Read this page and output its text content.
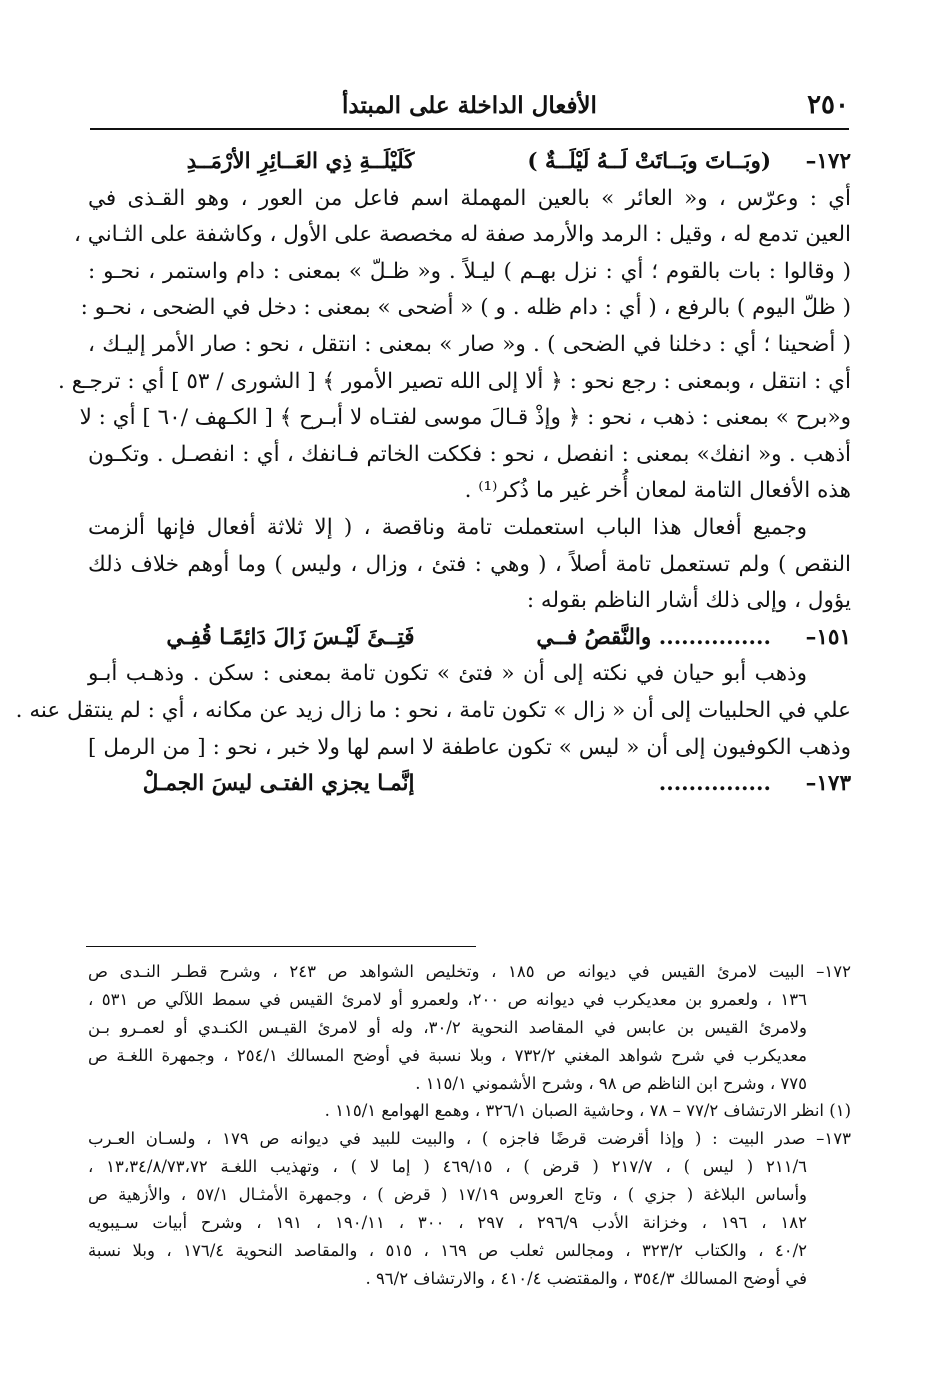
٢٥٠
الأفعال الداخلة على المبتدأ
١٧٢–
(وبَــاتَ وبَــاتَتْ لَــهُ لَيْلَــةٌ )
كَلَيْلَــةِ ذِي العَــائِرِ الأرْمَــدِ
أي : وعرّس ، و« العائر » بالعين المهملة اسم فاعل من العور ، وهو القـذى في
العين تدمع له ، وقيل : الرمد والأرمد صفة له مخصصة على الأول ، وكاشفة على الثـاني ،
( وقالوا : بات بالقوم ؛ أي : نزل بهـم ) ليـلاً . و« ظـلّ » بمعنى : دام واستمر ، نحـو :
( ظلّ اليوم ) بالرفع ، ( أي : دام ظله . و ) « أضحى » بمعنى : دخل في الضحى ، نحـو :
( أضحينا ؛ أي : دخلنا في الضحى ) . و« صار » بمعنى : انتقل ، نحو : صار الأمر إليـك ،
أي : انتقل ، وبمعنى : رجع نحو : ﴿ ألا إلى الله تصير الأمور ﴾ [ الشورى / ٥٣ ] أي : ترجـع .
و«برح » بمعنى : ذهب ، نحو : ﴿ وإذْ قـالَ موسى لفتـاه لا أبـرح ﴾ [ الكـهف /٦٠ ] أي : لا
أذهب . و« انفك» بمعنى : انفصل ، نحو : فككت الخاتم فـانفك ، أي : انفصـل . وتكـون
هذه الأفعال التامة لمعان أُخر غير ما ذُكر⁽¹⁾ .
وجميع أفعال هذا الباب استعملت تامة وناقصة ، ( إلا ثلاثة أفعال فإنها ألزمت
النقص ) ولم تستعمل تامة أصلاً ، ( وهي : فتئ ، وزال ، وليس ) وما أوهم خلاف ذلك
يؤول ، وإلى ذلك أشار الناظم بقوله :
١٥١–
............... والنَّقصُ فــي
فَتِــئَ لَيْـسَ زَالَ دَائِمًـا قُفِـي
وذهب أبو حيان في نكته إلى أن « فتئ » تكون تامة بمعنى : سكن . وذهـب أبـو
علي في الحلبيات إلى أن « زال » تكون تامة ، نحو : ما زال زيد عن مكانه ، أي : لم ينتقل عنه .
وذهب الكوفيون إلى أن « ليس » تكون عاطفة لا اسم لها ولا خبر ، نحو : [ من الرمل ]
١٧٣–
...............
إنَّمـا يجزي الفتـى ليسَ الجمـلْ
١٧٢– البيت لامرئ القيس في ديوانه ص ١٨٥ ، وتخليص الشواهد ص ٢٤٣ ، وشرح قطـر النـدى ص
١٣٦ ، ولعمرو بن معديكرب في ديوانه ص ٢٠٠، ولعمرو أو لامرئ القيس في سمط اللآلي ص ٥٣١ ،
ولامرئ القيس بن عابس في المقاصد النحوية ٣٠/٢، وله أو لامرئ القيـس الكنـدي أو لعمـرو بـن
معديكرب في شرح شواهد المغني ٧٣٢/٢ ، وبلا نسبة في أوضح المسالك ٢٥٤/١ ، وجمهرة اللغـة ص
٧٧٥ ، وشرح ابن الناظم ص ٩٨ ، وشرح الأشموني ١١٥/١ .
(١) انظر الارتشاف ٧٧/٢ – ٧٨ ، وحاشية الصبان ٣٢٦/١ ، وهمع الهوامع ١١٥/١ .
١٧٣– صدر البيت : ( وإذا أقرضت قرضًا فاجزه ) ، والبيت للبيد في ديوانه ص ١٧٩ ، ولسـان العـرب
٢١١/٦ ( ليس ) ، ٢١٧/٧ ( قرض ) ، ٤٦٩/١٥ ( إما لا ) ، وتهذيب اللغـة ١٣،٣٤/٨/٧٣،٧٢ ،
وأساس البلاغة ( جزي ) ، وتاج العروس ١٧/١٩ ( قرض ) ، وجمهرة الأمثـال ٥٧/١ ، والأزهية ص
١٨٢ ، ١٩٦ ، وخزانة الأدب ٢٩٦/٩ ، ٢٩٧ ، ٣٠٠ ، ١٩٠/١١ ، ١٩١ ، وشرح أبيات سـيبويه
٤٠/٢ ، والكتاب ٣٢٣/٢ ، ومجالس ثعلب ص ١٦٩ ، ٥١٥ ، والمقاصد النحوية ١٧٦/٤ ، وبلا نسبة
في أوضح المسالك ٣٥٤/٣ ، والمقتضب ٤١٠/٤ ، والارتشاف ٩٦/٢ .
